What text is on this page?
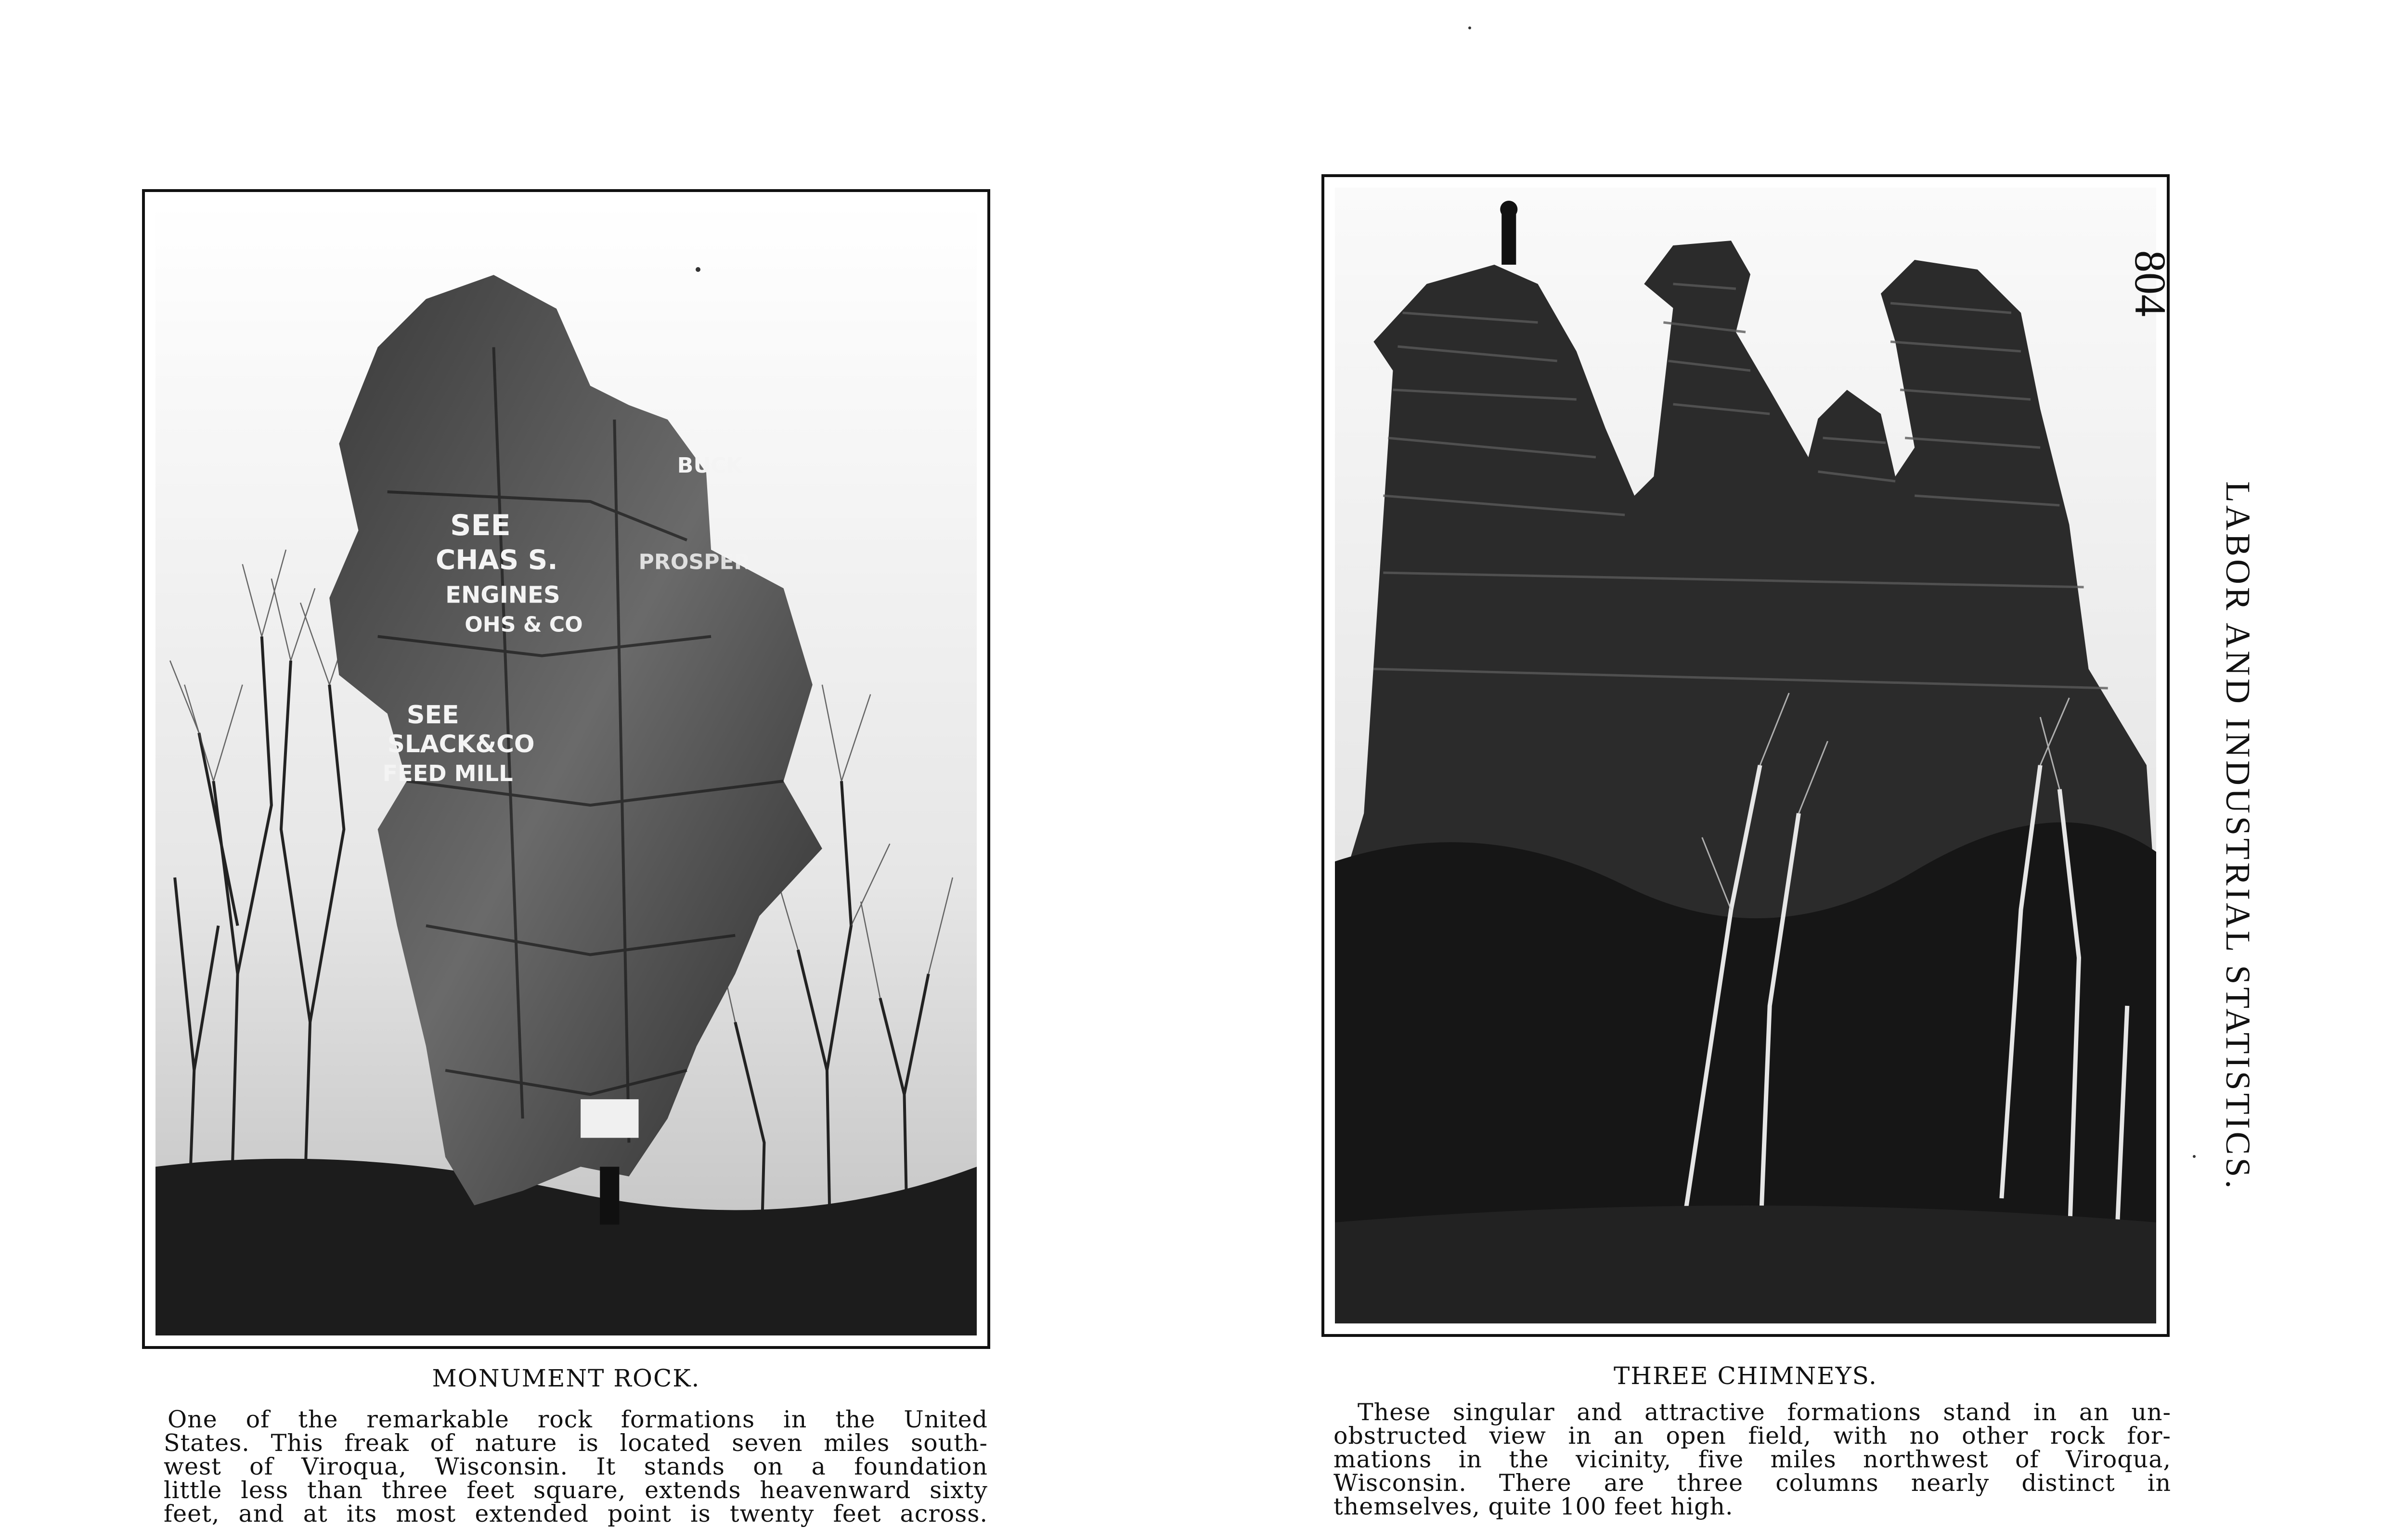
SEE
CHAS S.
ENGINES
OHS & CO
SEE
SLACK&CO
FEED MILL
BUCK
PROSPER
MONUMENT ROCK.
One of the remarkable rock formations in the United
States. This freak of nature is located seven miles south-
west of Viroqua, Wisconsin. It stands on a foundation
little less than three feet square, extends heavenward sixty
feet, and at its most extended point is twenty feet across.
THREE CHIMNEYS.
These singular and attractive formations stand in an un-
obstructed view in an open field, with no other rock for-
mations in the vicinity, five miles northwest of Viroqua,
Wisconsin. There are three columns nearly distinct in
themselves, quite 100 feet high.
804
LABOR AND INDUSTRIAL STATISTICS.
